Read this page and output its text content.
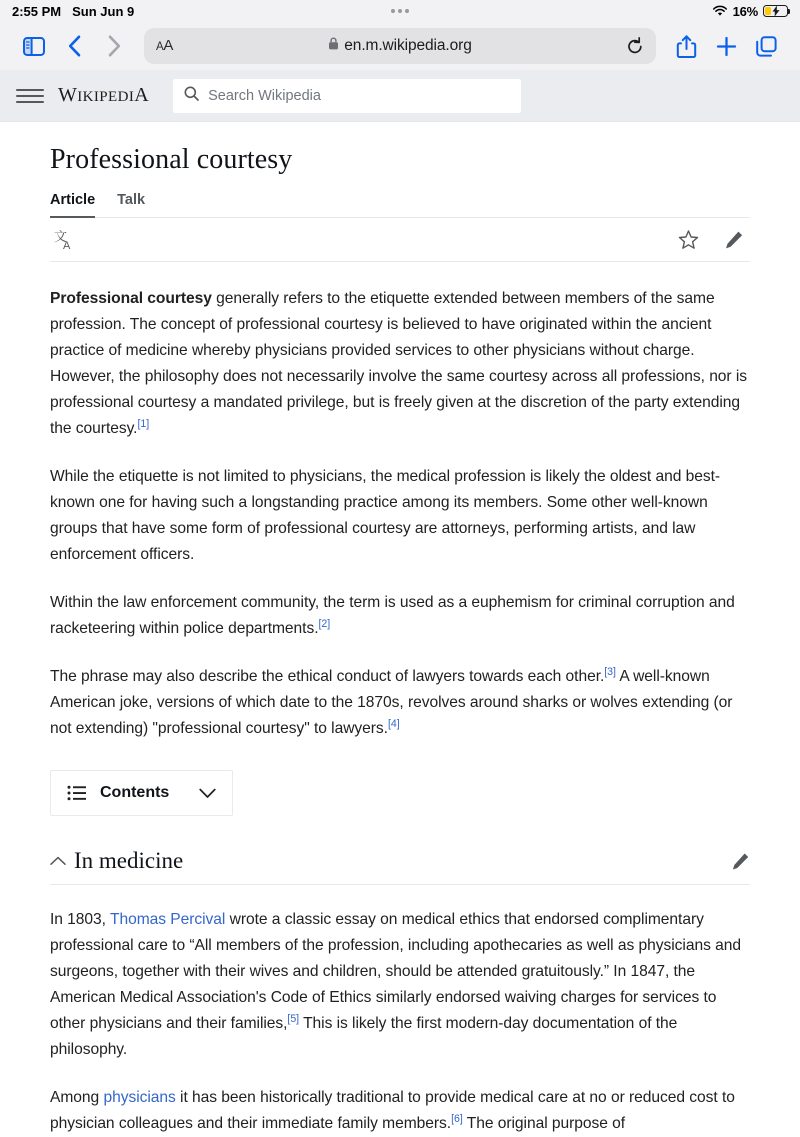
2:55 PM Sun Jun 9	16%
A A	en.m.wikipedia.org
WIKIPEDIA
Search Wikipedia
Professional courtesy
Article Talk
文
A

Professional courtesy generally refers to the etiquette extended between members of the same profession. The concept of professional courtesy is believed to have originated within the ancient practice of medicine whereby physicians provided services to other physicians without charge. However, the philosophy does not necessarily involve the same courtesy across all professions, nor is professional courtesy a mandated privilege, but is freely given at the discretion of the party extending the courtesy.[1]

While the etiquette is not limited to physicians, the medical profession is likely the oldest and best-known one for having such a longstanding practice among its members. Some other well-known groups that have some form of professional courtesy are attorneys, performing artists, and law enforcement officers.

Within the law enforcement community, the term is used as a euphemism for criminal corruption and racketeering within police departments.[2]

The phrase may also describe the ethical conduct of lawyers towards each other.[3] A well-known American joke, versions of which date to the 1870s, revolves around sharks or wolves extending (or not extending) "professional courtesy" to lawyers.[4]

Contents
In medicine

In 1803, Thomas Percival wrote a classic essay on medical ethics that endorsed complimentary professional care to “All members of the profession, including apothecaries as well as physicians and surgeons, together with their wives and children, should be attended gratuitously.” In 1847, the American Medical Association's Code of Ethics similarly endorsed waiving charges for services to other physicians and their families,[5] This is likely the first modern-day documentation of the philosophy.

Among physicians it has been historically traditional to provide medical care at no or reduced cost to physician colleagues and their immediate family members.[6] The original purpose of
